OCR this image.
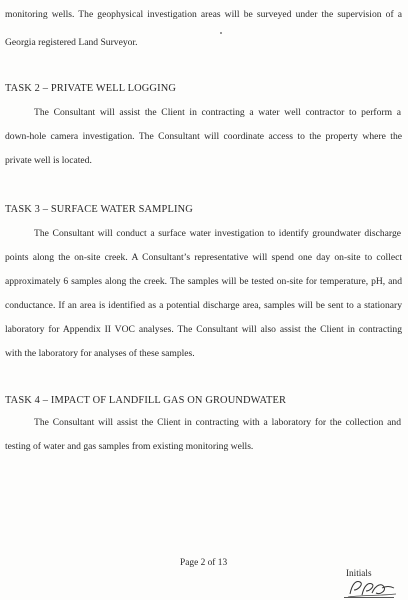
monitoring wells. The geophysical investigation areas will be surveyed under the supervision of a
Georgia registered Land Surveyor.
TASK 2 – PRIVATE WELL LOGGING
The Consultant will assist the Client in contracting a water well contractor to perform a
down-hole camera investigation. The Consultant will coordinate access to the property where the
private well is located.
TASK 3 – SURFACE WATER SAMPLING
The Consultant will conduct a surface water investigation to identify groundwater discharge
points along the on-site creek. A Consultant’s representative will spend one day on-site to collect
approximately 6 samples along the creek. The samples will be tested on-site for temperature, pH, and
conductance. If an area is identified as a potential discharge area, samples will be sent to a stationary
laboratory for Appendix II VOC analyses. The Consultant will also assist the Client in contracting
with the laboratory for analyses of these samples.
TASK 4 – IMPACT OF LANDFILL GAS ON GROUNDWATER
The Consultant will assist the Client in contracting with a laboratory for the collection and
testing of water and gas samples from existing monitoring wells.
Page 2 of 13
Initials
